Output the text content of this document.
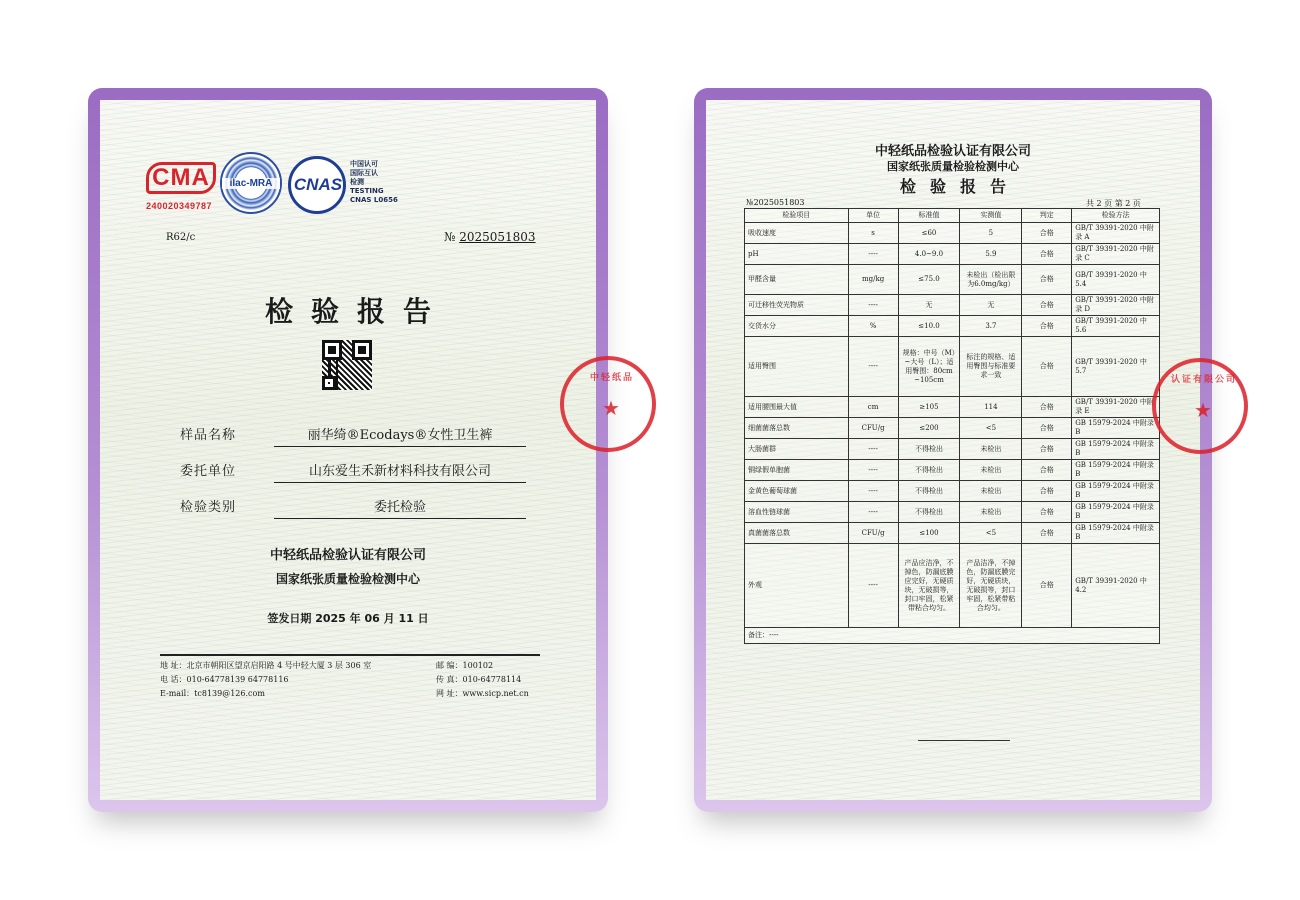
CMA
240020349787
ilac-MRA	CNAS
中国认可
国际互认
检测
TESTING
CNAS L0656
R62/c	№ 2025051803
检验报告
样品名称	丽华绮®Ecodays®女性卫生裤
委托单位	山东爱生禾新材料科技有限公司
检验类别	委托检验
中轻纸品检验认证有限公司
国家纸张质量检验检测中心
签发日期 2025 年 06 月 11 日
地 址：北京市朝阳区望京启阳路 4 号中轻大厦 3 层 306 室	邮 编：100102
电 话：010-64778139 64778116	传 真：010-64778114
E-mail：tc8139@126.com	网 址：www.sicp.net.cn
中轻纸品
★
中轻纸品检验认证有限公司
国家纸张质量检验检测中心
检验报告
№2025051803	共 2 页 第 2 页
检验项目	单位	标准值	实测值	判定	检验方法
吸收速度	s	≤60	5	合格	GB/T 39391-2020 中附录 A
pH	----	4.0~9.0	5.9	合格	GB/T 39391-2020 中附录 C
甲醛含量	mg/kg	≤75.0	未检出（检出限为6.0mg/kg）	合格	GB/T 39391-2020 中 5.4
可迁移性荧光物质	----	无	无	合格	GB/T 39391-2020 中附录 D
交货水分	%	≤10.0	3.7	合格	GB/T 39391-2020 中 5.6
适用臀围	----	规格：中号（M）~大号（L）；适用臀围：80cm ~105cm	标注的规格、适用臀围与标准要求一致	合格	GB/T 39391-2020 中 5.7
适用腰围最大值	cm	≥105	114	合格	GB/T 39391-2020 中附录 E
细菌菌落总数	CFU/g	≤200	<5	合格	GB 15979-2024 中附录 B
大肠菌群	----	不得检出	未检出	合格	GB 15979-2024 中附录 B
铜绿假单胞菌	----	不得检出	未检出	合格	GB 15979-2024 中附录 B
金黄色葡萄球菌	----	不得检出	未检出	合格	GB 15979-2024 中附录 B
溶血性链球菌	----	不得检出	未检出	合格	GB 15979-2024 中附录 B
真菌菌落总数	CFU/g	≤100	<5	合格	GB 15979-2024 中附录 B
外观	----	产品应洁净，不掉色，防漏底膜应完好，无硬质块，无破损等，封口牢固，松紧带粘合均匀。	产品洁净，不掉色，防漏底膜完好，无硬质块，无破损等，封口牢固，松紧带粘合均匀。	合格	GB/T 39391-2020 中 4.2
备注：----					
认证有限公司
★
